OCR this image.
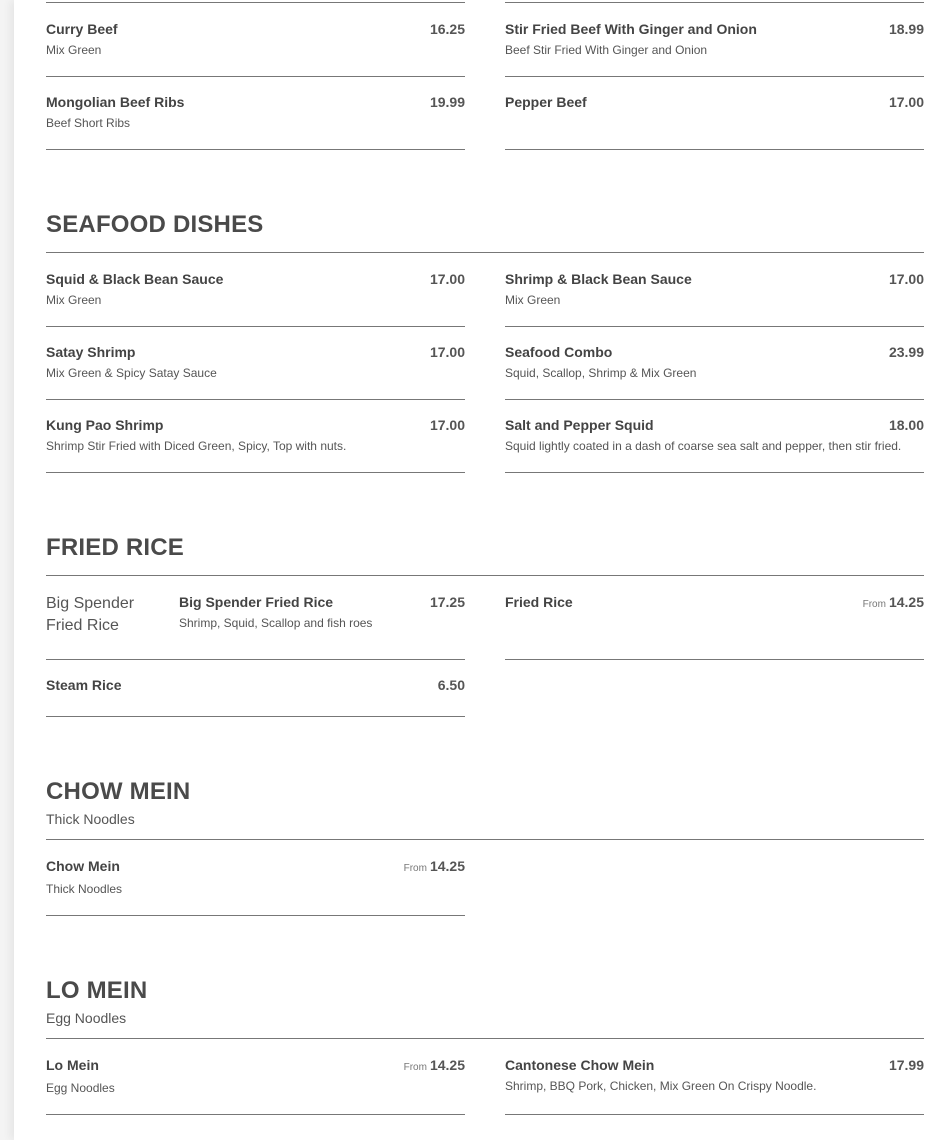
Curry Beef
Mix Green
16.25	Stir Fried Beef With Ginger and Onion
Beef Stir Fried With Ginger and Onion
18.99
Mongolian Beef Ribs
Beef Short Ribs
19.99	Pepper Beef	17.00
SEAFOOD DISHES
Squid & Black Bean Sauce
Mix Green
17.00	Shrimp & Black Bean Sauce
Mix Green
17.00
Satay Shrimp
Mix Green & Spicy Satay Sauce
17.00	Seafood Combo
Squid, Scallop, Shrimp & Mix Green
23.99
Kung Pao Shrimp
Shrimp Stir Fried with Diced Green, Spicy, Top with nuts.
17.00	Salt and Pepper Squid
Squid lightly coated in a dash of coarse sea salt and pepper, then stir fried.
18.00
FRIED RICE
Big Spender Fried Rice
Big Spender Fried Rice
Shrimp, Squid, Scallop and fish roes
17.25	Fried Rice	From 14.25
Steam Rice	6.50
CHOW MEIN
Thick Noodles
Chow Mein
Thick Noodles
From 14.25
LO MEIN
Egg Noodles
Lo Mein
Egg Noodles
From 14.25	Cantonese Chow Mein
Shrimp, BBQ Pork, Chicken, Mix Green On Crispy Noodle.
17.99
